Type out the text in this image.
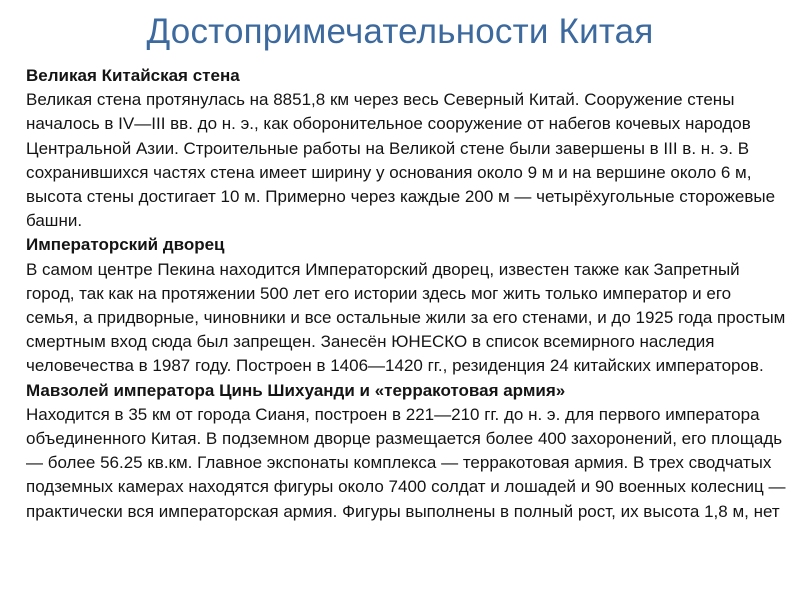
Достопримечательности Китая

Великая Китайская стена

Великая стена протянулась на 8851,8 км через весь Северный Китай. Сооружение стены началось в IV—III вв. до н. э., как оборонительное сооружение от набегов кочевых народов Центральной Азии. Строительные работы на Великой стене были завершены в III в. н. э. В сохранившихся частях стена имеет ширину у основания около 9 м и на вершине около 6 м, высота стены достигает 10 м. Примерно через каждые 200 м — четырёхугольные сторожевые башни.

Императорский дворец

В самом центре Пекина находится Императорский дворец, известен также как Запретный город, так как на протяжении 500 лет его истории здесь мог жить только император и его семья, а придворные, чиновники и все остальные жили за его стенами, и до 1925 года простым смертным вход сюда был запрещен. Занесён ЮНЕСКО в список всемирного наследия человечества в 1987 году. Построен в 1406—1420 гг., резиденция 24 китайских императоров.

Мавзолей императора Цинь Шихуанди и «терракотовая армия»

Находится в 35 км от города Сианя, построен в 221—210 гг. до н. э. для первого императора объединенного Китая. В подземном дворце размещается более 400 захоронений, его площадь — более 56.25 кв.км. Главное экспонаты комплекса — терракотовая армия. В трех сводчатых подземных камерах находятся фигуры около 7400 солдат и лошадей и 90 военных колесниц — практически вся императорская армия. Фигуры выполнены в полный рост, их высота 1,8 м, нет
